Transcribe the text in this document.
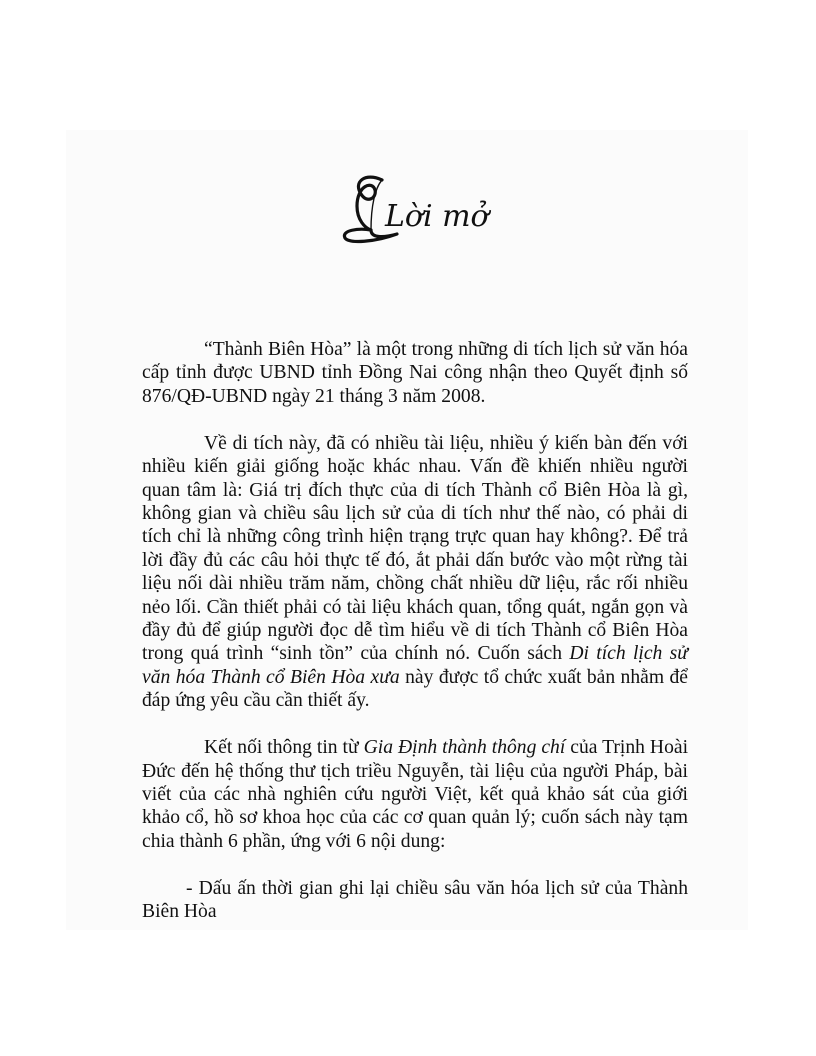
Lời mở

“Thành Biên Hòa” là một trong những di tích lịch sử văn hóa cấp tỉnh được UBND tỉnh Đồng Nai công nhận theo Quyết định số 876/QĐ-UBND ngày 21 tháng 3 năm 2008.

Về di tích này, đã có nhiều tài liệu, nhiều ý kiến bàn đến với nhiều kiến giải giống hoặc khác nhau. Vấn đề khiến nhiều người quan tâm là: Giá trị đích thực của di tích Thành cổ Biên Hòa là gì, không gian và chiều sâu lịch sử của di tích như thế nào, có phải di tích chỉ là những công trình hiện trạng trực quan hay không?. Để trả lời đầy đủ các câu hỏi thực tế đó, ắt phải dấn bước vào một rừng tài liệu nối dài nhiều trăm năm, chồng chất nhiều dữ liệu, rắc rối nhiều nẻo lối. Cần thiết phải có tài liệu khách quan, tổng quát, ngắn gọn và đầy đủ để giúp người đọc dễ tìm hiểu về di tích Thành cổ Biên Hòa trong quá trình “sinh tồn” của chính nó. Cuốn sách Di tích lịch sử văn hóa Thành cổ Biên Hòa xưa này được tổ chức xuất bản nhằm để đáp ứng yêu cầu cần thiết ấy.

Kết nối thông tin từ Gia Định thành thông chí của Trịnh Hoài Đức đến hệ thống thư tịch triều Nguyễn, tài liệu của người Pháp, bài viết của các nhà nghiên cứu người Việt, kết quả khảo sát của giới khảo cổ, hồ sơ khoa học của các cơ quan quản lý; cuốn sách này tạm chia thành 6 phần, ứng với 6 nội dung:

- Dấu ấn thời gian ghi lại chiều sâu văn hóa lịch sử của Thành Biên Hòa
